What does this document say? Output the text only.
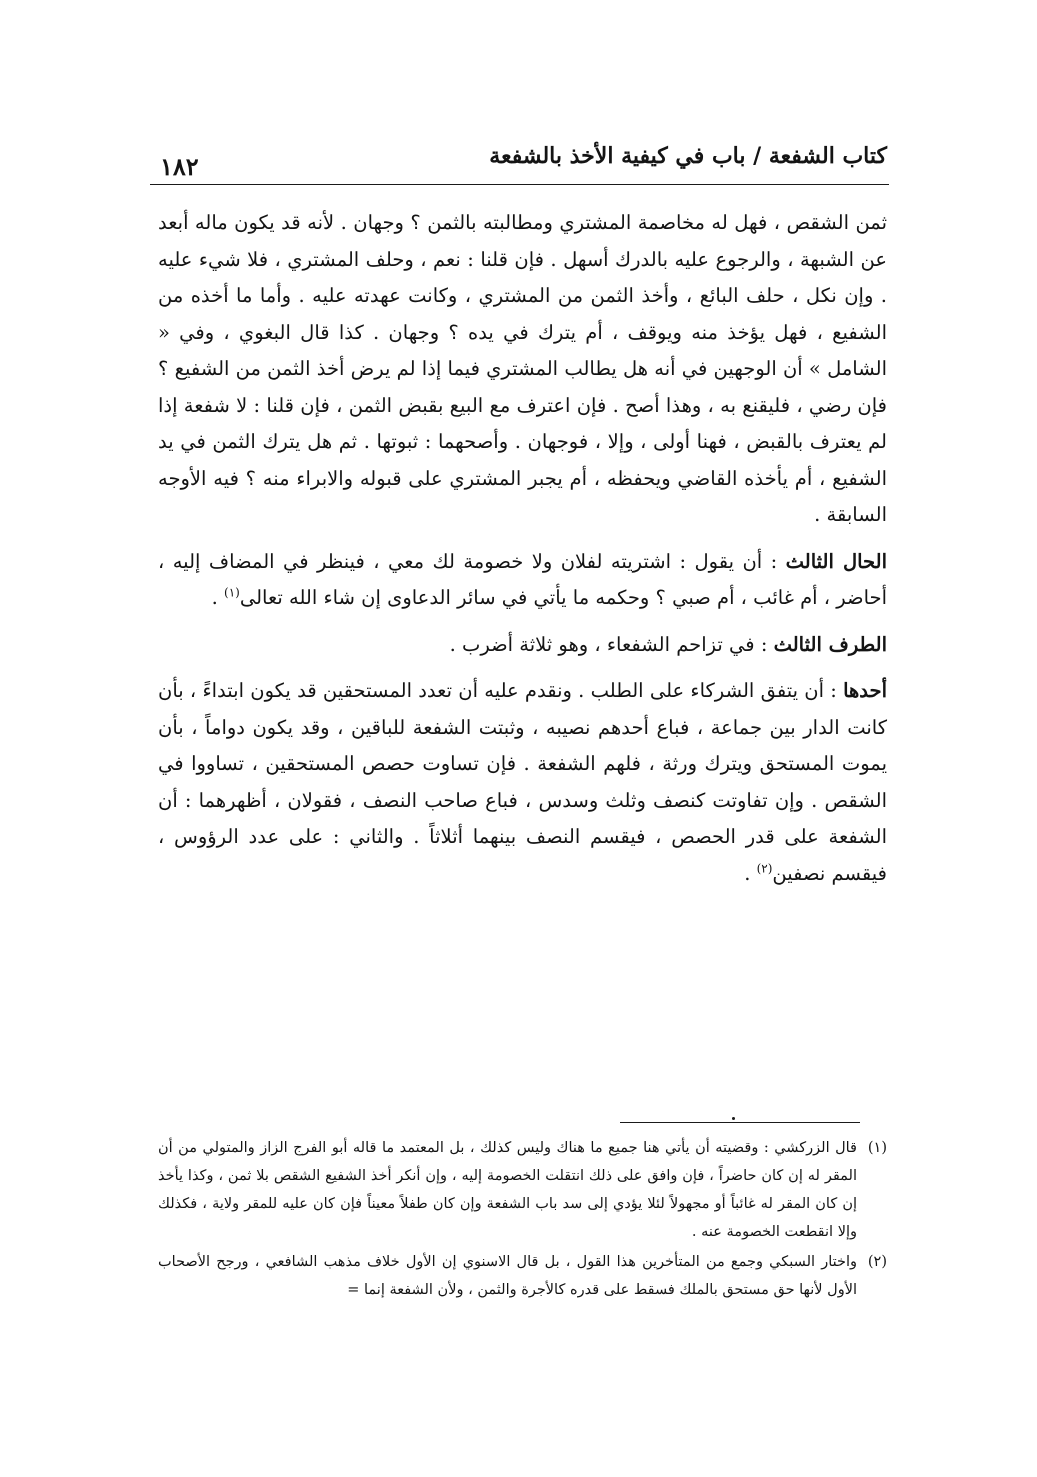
كتاب الشفعة / باب في كيفية الأخذ بالشفعة
١٨٢

ثمن الشقص ، فهل له مخاصمة المشتري ومطالبته بالثمن ؟ وجهان . لأنه قد يكون ماله أبعد عن الشبهة ، والرجوع عليه بالدرك أسهل . فإن قلنا : نعم ، وحلف المشتري ، فلا شيء عليه . وإن نكل ، حلف البائع ، وأخذ الثمن من المشتري ، وكانت عهدته عليه . وأما ما أخذه من الشفيع ، فهل يؤخذ منه ويوقف ، أم يترك في يده ؟ وجهان . كذا قال البغوي ، وفي « الشامل » أن الوجهين في أنه هل يطالب المشتري فيما إذا لم يرض أخذ الثمن من الشفيع ؟ فإن رضي ، فليقنع به ، وهذا أصح . فإن اعترف مع البيع بقبض الثمن ، فإن قلنا : لا شفعة إذا لم يعترف بالقبض ، فهنا أولى ، وإلا ، فوجهان . وأصحهما : ثبوتها . ثم هل يترك الثمن في يد الشفيع ، أم يأخذه القاضي ويحفظه ، أم يجبر المشتري على قبوله والابراء منه ؟ فيه الأوجه السابقة .

الحال الثالث : أن يقول : اشتريته لفلان ولا خصومة لك معي ، فينظر في المضاف إليه ، أحاضر ، أم غائب ، أم صبي ؟ وحكمه ما يأتي في سائر الدعاوى إن شاء الله تعالى$^{(١)}$ .

الطرف الثالث : في تزاحم الشفعاء ، وهو ثلاثة أضرب .

أحدها : أن يتفق الشركاء على الطلب . ونقدم عليه أن تعدد المستحقين قد يكون ابتداءً ، بأن كانت الدار بين جماعة ، فباع أحدهم نصيبه ، وثبتت الشفعة للباقين ، وقد يكون دواماً ، بأن يموت المستحق ويترك ورثة ، فلهم الشفعة . فإن تساوت حصص المستحقين ، تساووا في الشقص . وإن تفاوتت كنصف وثلث وسدس ، فباع صاحب النصف ، فقولان ، أظهرهما : أن الشفعة على قدر الحصص ، فيقسم النصف بينهما أثلاثاً . والثاني : على عدد الرؤوس ، فيقسم نصفين$^{(٢)}$ .

(١)
قال الزركشي : وقضيته أن يأتي هنا جميع ما هناك وليس كذلك ، بل المعتمد ما قاله أبو الفرج الزاز والمتولي من أن المقر له إن كان حاضراً ، فإن وافق على ذلك انتقلت الخصومة إليه ، وإن أنكر أخذ الشفيع الشقص بلا ثمن ، وكذا يأخذ إن كان المقر له غائباً أو مجهولاً لئلا يؤدي إلى سد باب الشفعة وإن كان طفلاً معيناً فإن كان عليه للمقر ولاية ، فكذلك وإلا انقطعت الخصومة عنه .
(٢)
واختار السبكي وجمع من المتأخرين هذا القول ، بل قال الاسنوي إن الأول خلاف مذهب الشافعي ، ورجح الأصحاب الأول لأنها حق مستحق بالملك فسقط على قدره كالأجرة والثمن ، ولأن الشفعة إنما =
